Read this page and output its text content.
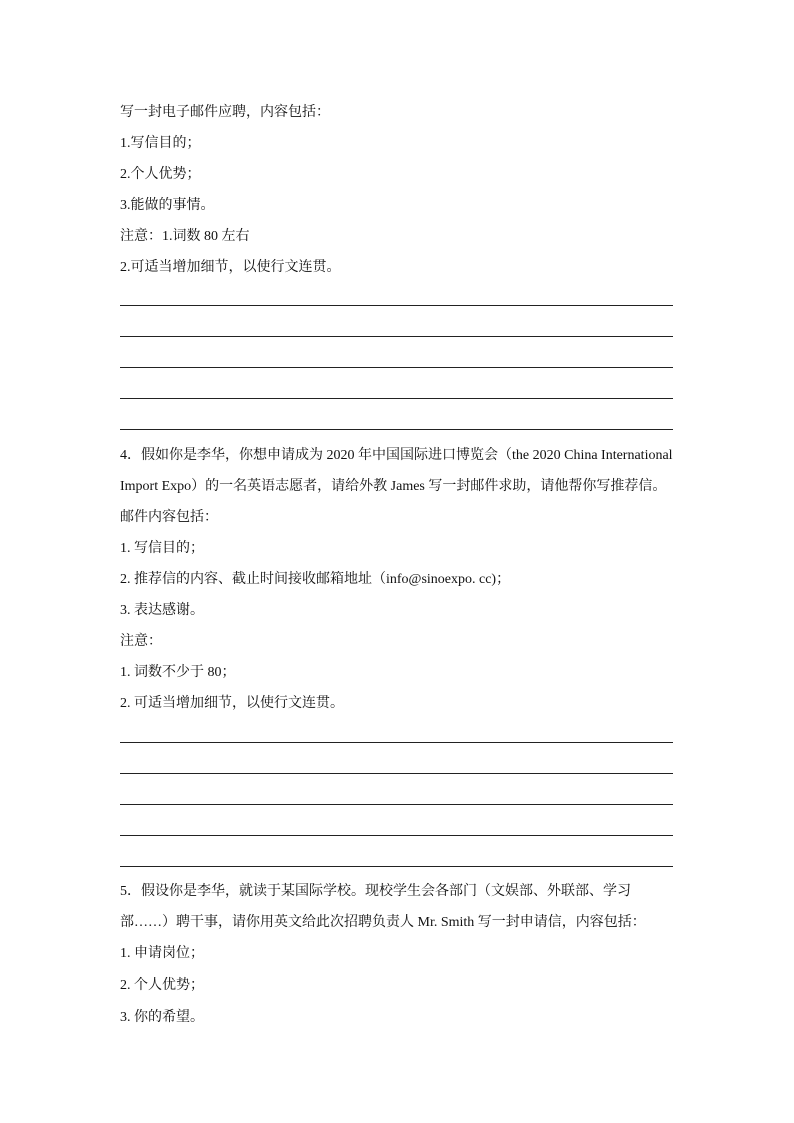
写一封电子邮件应聘，内容包括：
1.写信目的；
2.个人优势；
3.能做的事情。
注意：1.词数 80 左右
2.可适当增加细节，以使行文连贯。
4．假如你是李华，你想申请成为 2020 年中国国际进口博览会（the 2020 China International Import Expo）的一名英语志愿者，请给外教 James 写一封邮件求助，请他帮你写推荐信。邮件内容包括：
1. 写信目的；
2. 推荐信的内容、截止时间接收邮箱地址（info@sinoexpo. cc)；
3. 表达感谢。
注意：
1. 词数不少于 80；
2. 可适当增加细节，以使行文连贯。
5．假设你是李华，就读于某国际学校。现校学生会各部门（文娱部、外联部、学习部……）聘干事，请你用英文给此次招聘负责人 Mr. Smith 写一封申请信，内容包括：
1. 申请岗位；
2. 个人优势；
3. 你的希望。
